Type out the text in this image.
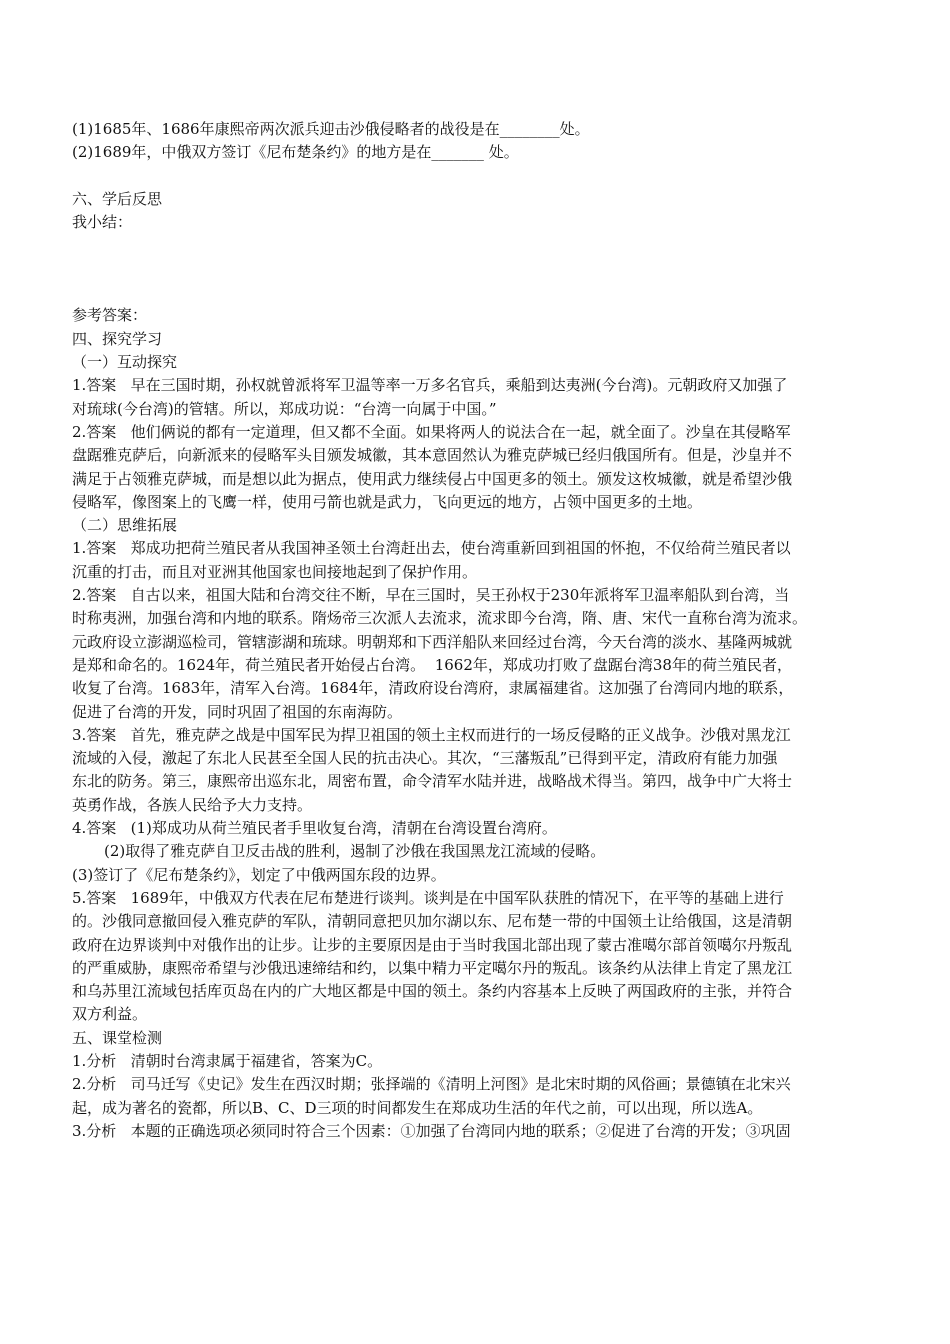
(1)1685年、1686年康熙帝两次派兵迎击沙俄侵略者的战役是在________处。
(2)1689年，中俄双方签订《尼布楚条约》的地方是在_______ 处。
六、学后反思
我小结：
参考答案：
四、探究学习
（一）互动探究
1.答案   早在三国时期，孙权就曾派将军卫温等率一万多名官兵，乘船到达夷洲(今台湾)。元朝政府又加强了
对琉球(今台湾)的管辖。所以，郑成功说：“台湾一向属于中国。”
2.答案   他们俩说的都有一定道理，但又都不全面。如果将两人的说法合在一起，就全面了。沙皇在其侵略军
盘踞雅克萨后，向新派来的侵略军头目颁发城徽，其本意固然认为雅克萨城已经归俄国所有。但是，沙皇并不
满足于占领雅克萨城，而是想以此为据点，使用武力继续侵占中国更多的领土。颁发这枚城徽，就是希望沙俄
侵略军，像图案上的飞鹰一样，使用弓箭也就是武力，飞向更远的地方，占领中国更多的土地。
（二）思维拓展
1.答案   郑成功把荷兰殖民者从我国神圣领土台湾赶出去，使台湾重新回到祖国的怀抱，不仅给荷兰殖民者以
沉重的打击，而且对亚洲其他国家也间接地起到了保护作用。
2.答案   自古以来，祖国大陆和台湾交往不断，早在三国时，吴王孙权于230年派将军卫温率船队到台湾，当
时称夷洲，加强台湾和内地的联系。隋炀帝三次派人去流求，流求即今台湾，隋、唐、宋代一直称台湾为流求。
元政府设立澎湖巡检司，管辖澎湖和琉球。明朝郑和下西洋船队来回经过台湾，今天台湾的淡水、基隆两城就
是郑和命名的。1624年，荷兰殖民者开始侵占台湾。  1662年，郑成功打败了盘踞台湾38年的荷兰殖民者，
收复了台湾。1683年，清军入台湾。1684年，清政府设台湾府，隶属福建省。这加强了台湾同内地的联系，
促进了台湾的开发，同时巩固了祖国的东南海防。
3.答案   首先，雅克萨之战是中国军民为捍卫祖国的领土主权而进行的一场反侵略的正义战争。沙俄对黑龙江
流域的入侵，激起了东北人民甚至全国人民的抗击决心。其次，“三藩叛乱”已得到平定，清政府有能力加强
东北的防务。第三，康熙帝出巡东北，周密布置，命令清军水陆并进，战略战术得当。第四，战争中广大将士
英勇作战，各族人民给予大力支持。
4.答案   (1)郑成功从荷兰殖民者手里收复台湾，清朝在台湾设置台湾府。
(2)取得了雅克萨自卫反击战的胜利，遏制了沙俄在我国黑龙江流域的侵略。
(3)签订了《尼布楚条约》，划定了中俄两国东段的边界。
5.答案   1689年，中俄双方代表在尼布楚进行谈判。谈判是在中国军队获胜的情况下，在平等的基础上进行
的。沙俄同意撤回侵入雅克萨的军队，清朝同意把贝加尔湖以东、尼布楚一带的中国领土让给俄国，这是清朝
政府在边界谈判中对俄作出的让步。让步的主要原因是由于当时我国北部出现了蒙古准噶尔部首领噶尔丹叛乱
的严重威胁，康熙帝希望与沙俄迅速缔结和约，以集中精力平定噶尔丹的叛乱。该条约从法律上肯定了黑龙江
和乌苏里江流域包括库页岛在内的广大地区都是中国的领土。条约内容基本上反映了两国政府的主张，并符合
双方利益。
五、课堂检测
1.分析   清朝时台湾隶属于福建省，答案为C。
2.分析   司马迁写《史记》发生在西汉时期；张择端的《清明上河图》是北宋时期的风俗画；景德镇在北宋兴
起，成为著名的瓷都，所以B、C、D三项的时间都发生在郑成功生活的年代之前，可以出现，所以选A。
3.分析   本题的正确选项必须同时符合三个因素：①加强了台湾同内地的联系；②促进了台湾的开发；③巩固
